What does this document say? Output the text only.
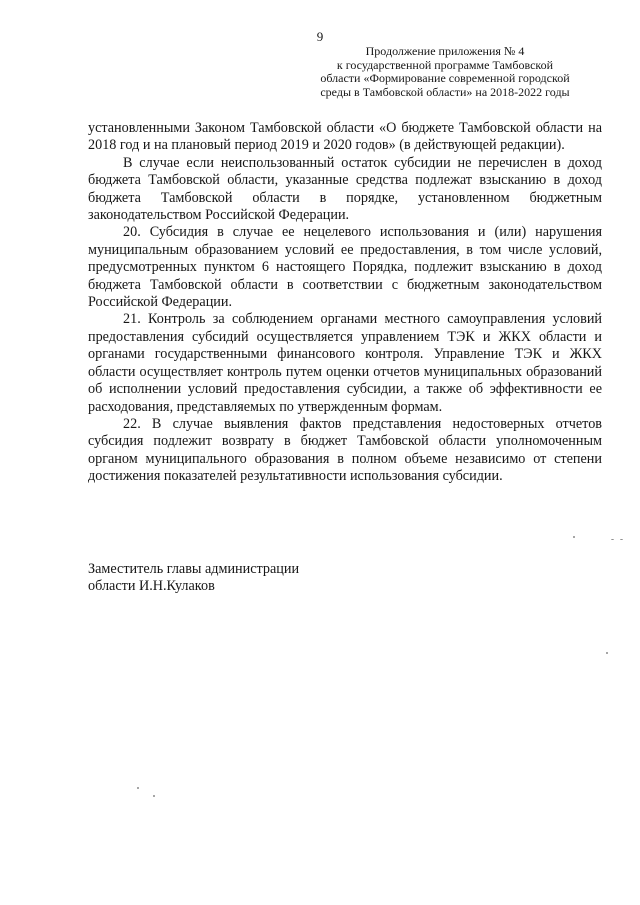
9
Продолжение приложения № 4
к государственной программе Тамбовской
области «Формирование современной городской
среды в Тамбовской области» на 2018-2022 годы

установленными Законом Тамбовской области «О бюджете Тамбовской области на 2018 год и на плановый период 2019 и 2020 годов» (в действующей редакции).

В случае если неиспользованный остаток субсидии не перечислен в доход бюджета Тамбовской области, указанные средства подлежат взысканию в доход бюджета Тамбовской области в порядке, установленном бюджетным законодательством Российской Федерации.

20. Субсидия в случае ее нецелевого использования и (или) нарушения муниципальным образованием условий ее предоставления, в том числе условий, предусмотренных пунктом 6 настоящего Порядка, подлежит взысканию в доход бюджета Тамбовской области в соответствии с бюджетным законодательством Российской Федерации.

21. Контроль за соблюдением органами местного самоуправления условий предоставления субсидий осуществляется управлением ТЭК и ЖКХ области и органами государственными финансового контроля. Управление ТЭК и ЖКХ области осуществляет контроль путем оценки отчетов муниципальных образований об исполнении условий предоставления субсидии, а также об эффективности ее расходования, представляемых по утвержденным формам.

22. В случае выявления фактов представления недостоверных отчетов субсидия подлежит возврату в бюджет Тамбовской области уполномоченным органом муниципального образования в полном объеме независимо от степени достижения показателей результативности использования субсидии.

Заместитель главы администрации
области И.Н.Кулаков
